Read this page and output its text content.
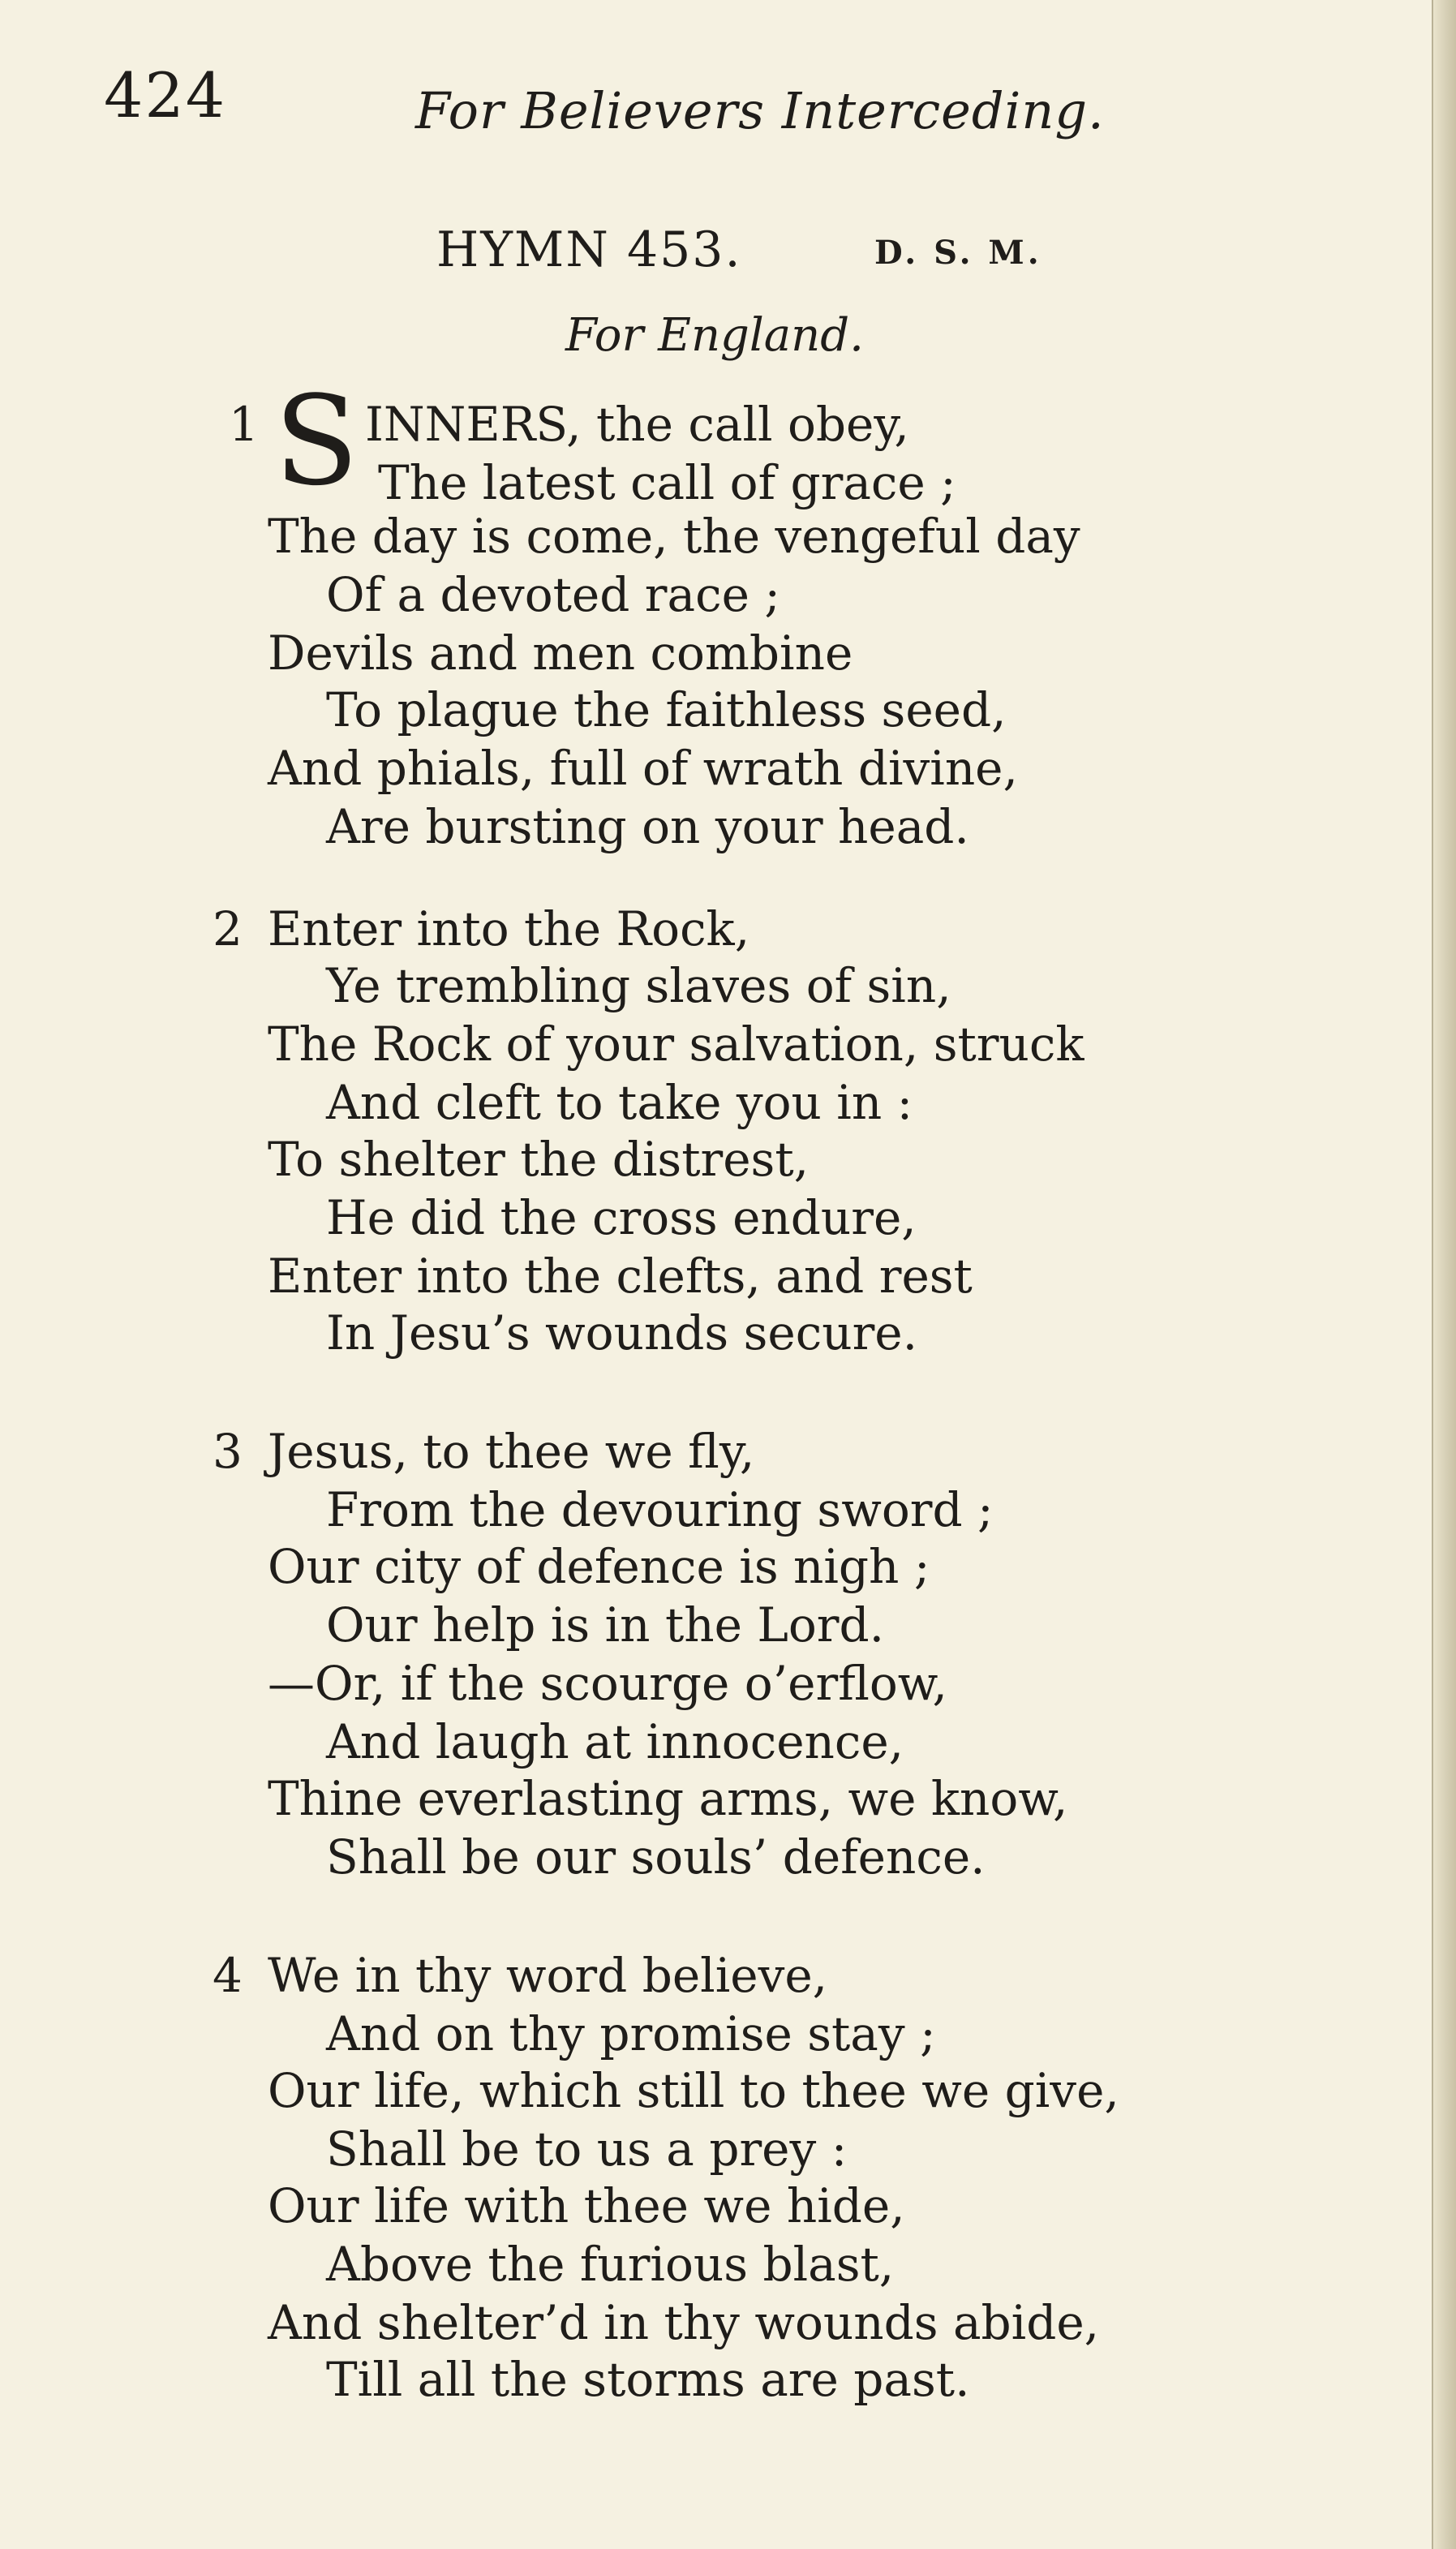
424	For Believers Interceding.
HYMN 453.	D. S. M.
For England.
1 S INNERS, the call obey,
The latest call of grace ;
The day is come, the vengeful day
Of a devoted race ;
Devils and men combine
To plague the faithless seed,
And phials, full of wrath divine,
Are bursting on your head.
2 Enter into the Rock,
Ye trembling slaves of sin,
The Rock of your salvation, struck
And cleft to take you in :
To shelter the distrest,
He did the cross endure,
Enter into the clefts, and rest
In Jesu’s wounds secure.
3 Jesus, to thee we fly,
From the devouring sword ;
Our city of defence is nigh ;
Our help is in the Lord.
—Or, if the scourge o’erflow,
And laugh at innocence,
Thine everlasting arms, we know,
Shall be our souls’ defence.
4 We in thy word believe,
And on thy promise stay ;
Our life, which still to thee we give,
Shall be to us a prey :
Our life with thee we hide,
Above the furious blast,
And shelter’d in thy wounds abide,
Till all the storms are past.
